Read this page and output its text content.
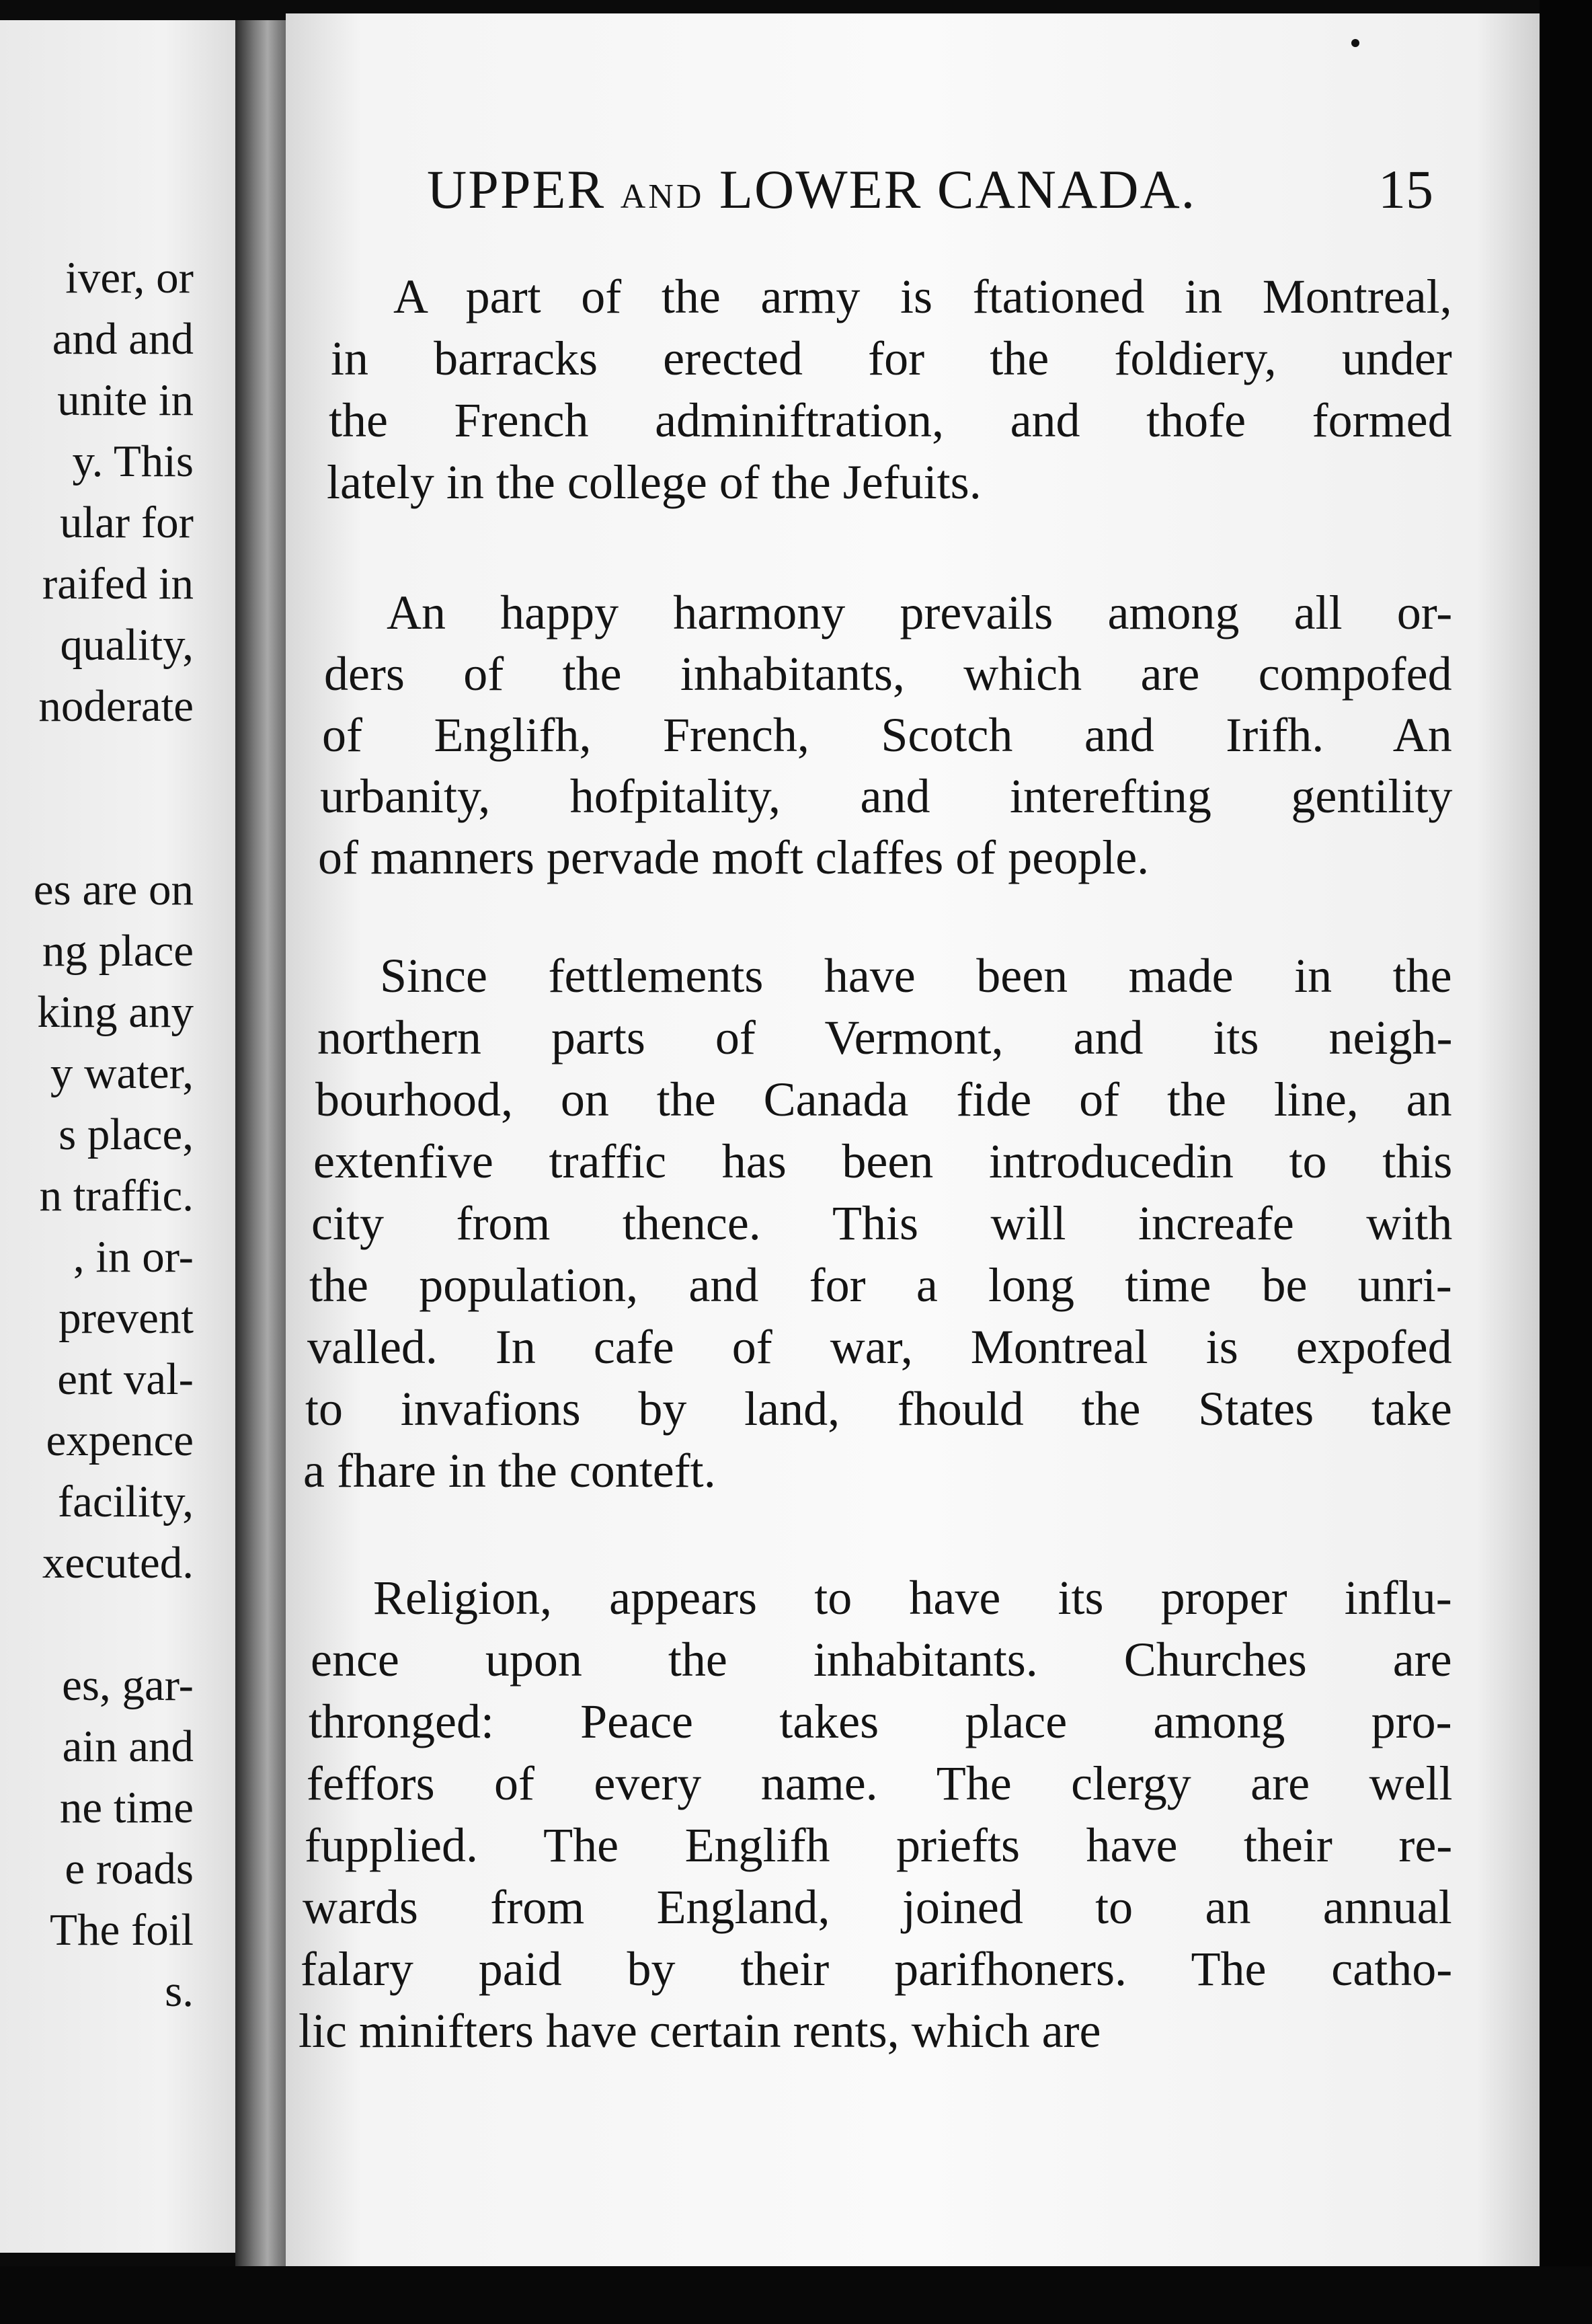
iver, or
and and
unite in
y. This
ular for
raifed in
quality,
noderate
es are on
ng place
king any
y water,
s place,
n traffic.
, in or-
prevent
ent val-
expence
facility,
xecuted.
es, gar-
ain and
ne time
e roads
The foil
s.
UPPER AND LOWER CANADA.	15
A part of the army is ftationed in Montreal,
in barracks erected for the foldiery, under
the French adminiftration, and thofe formed
lately in the college of the Jefuits.
An happy harmony prevails among all or-
ders of the inhabitants, which are compofed
of Englifh, French, Scotch and Irifh. An
urbanity, hofpitality, and interefting gentility
of manners pervade moft claffes of people.
Since fettlements have been made in the
northern parts of Vermont, and its neigh-
bourhood, on the Canada fide of the line, an
extenfive traffic has been introducedin to this
city from thence. This will increafe with
the population, and for a long time be unri-
valled. In cafe of war, Montreal is expofed
to invafions by land, fhould the States take
a fhare in the conteft.
Religion, appears to have its proper influ-
ence upon the inhabitants. Churches are
thronged: Peace takes place among pro-
feffors of every name. The clergy are well
fupplied. The Englifh priefts have their re-
wards from England, joined to an annual
falary paid by their parifhoners. The catho-
lic minifters have certain rents, which are
